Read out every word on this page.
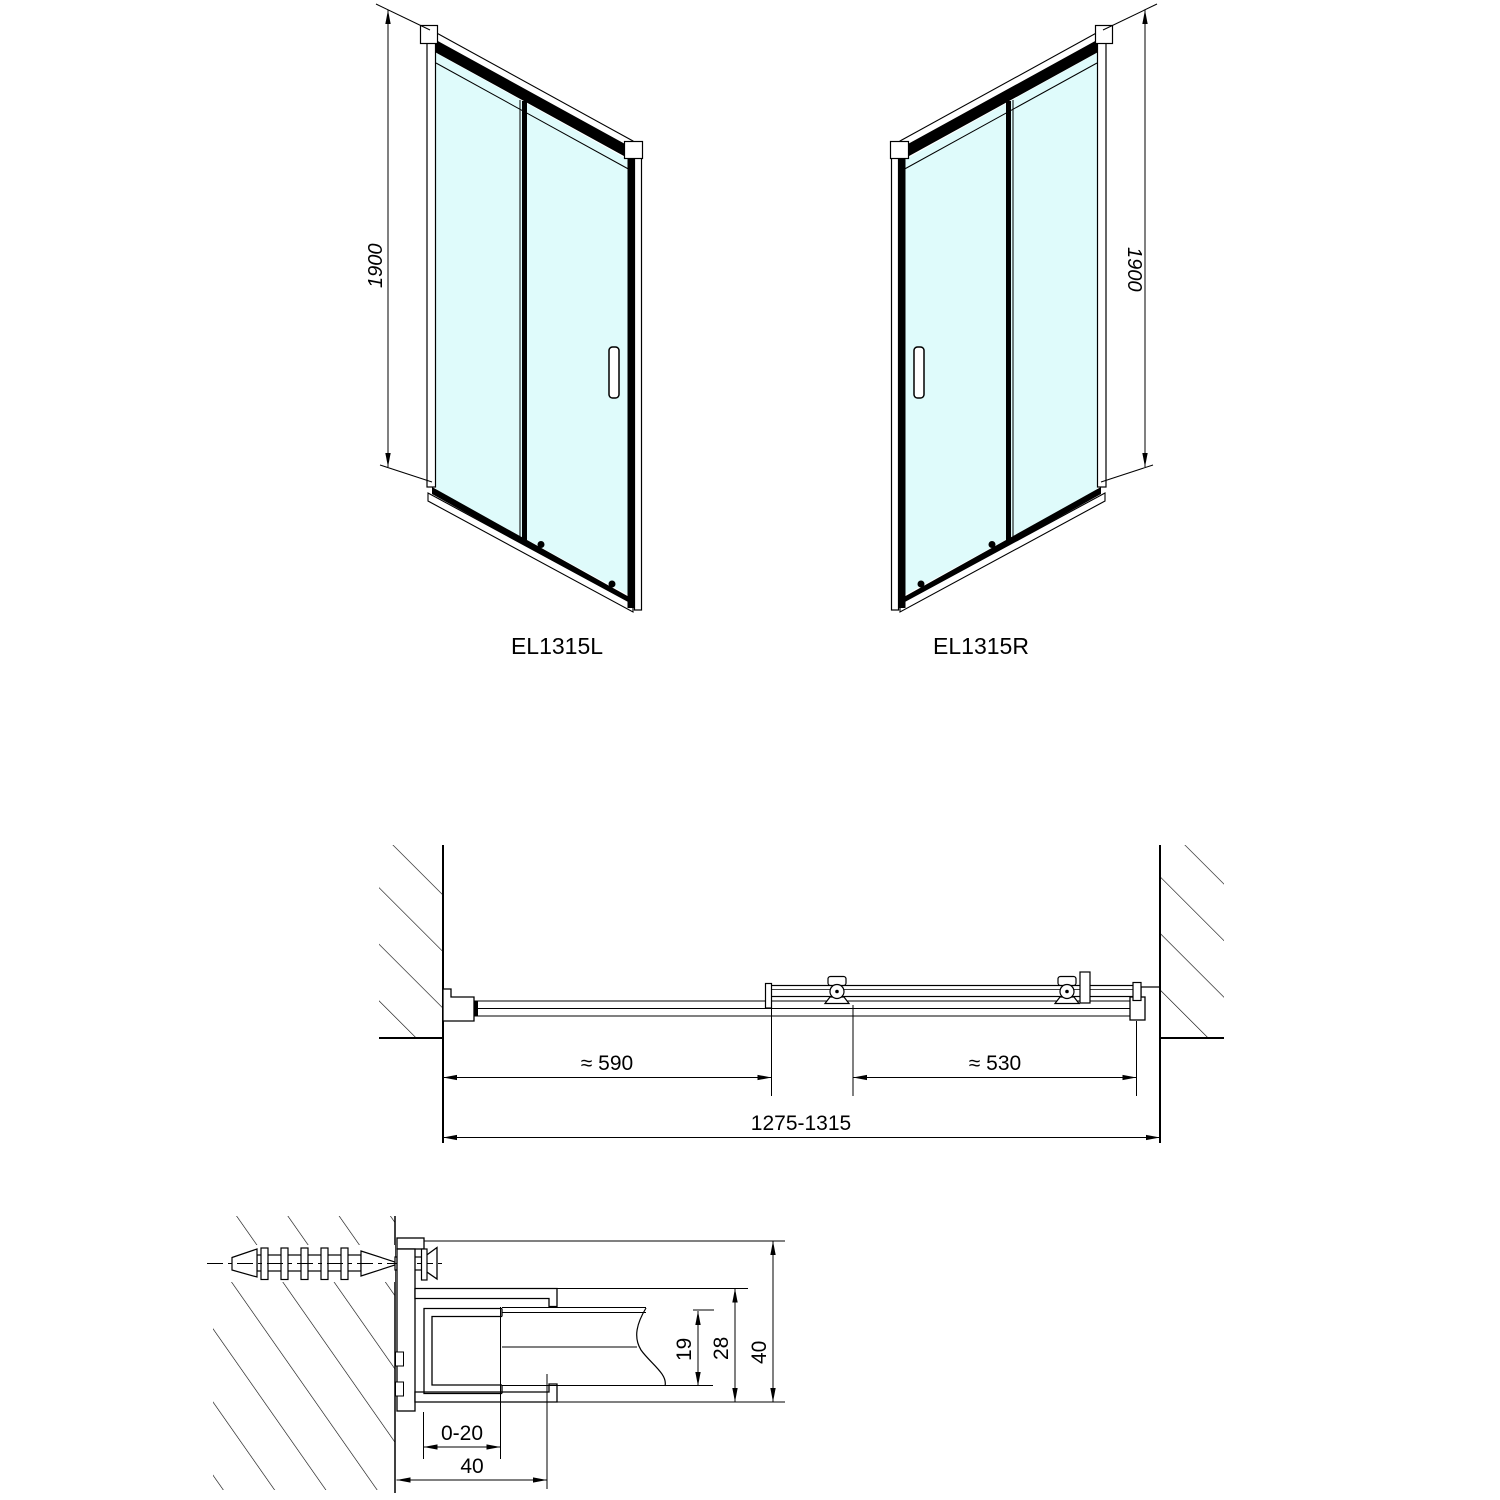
1900
EL1315L
1900
EL1315R
≈ 590	≈ 530
1275-1315
0-20
40
19 28 40
